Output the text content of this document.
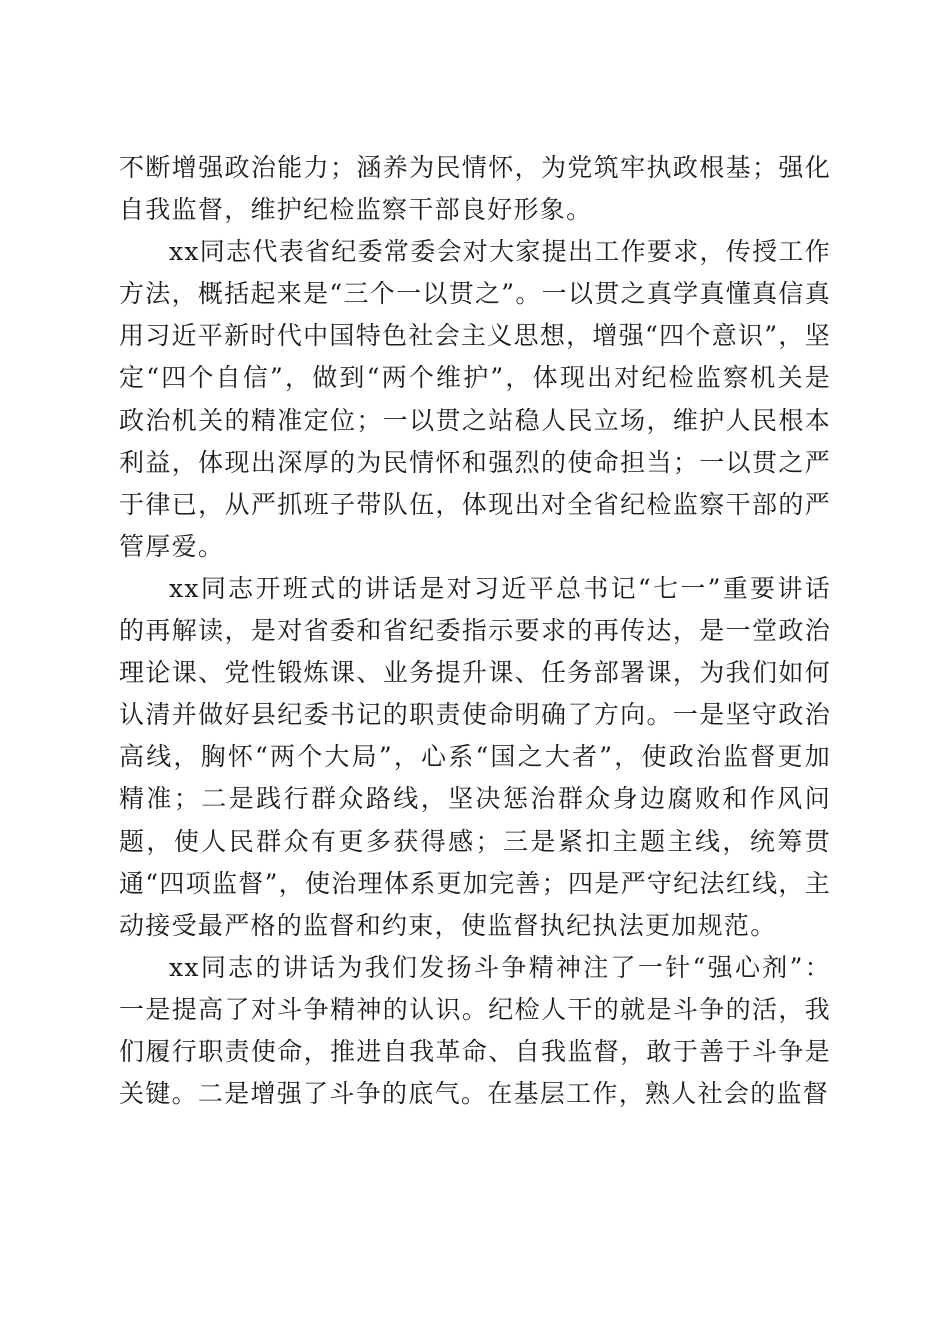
不断增强政治能力；涵养为民情怀，为党筑牢执政根基；强化自我监督，维护纪检监察干部良好形象。

xx同志代表省纪委常委会对大家提出工作要求，传授工作方法，概括起来是“三个一以贯之”。一以贯之真学真懂真信真用习近平新时代中国特色社会主义思想，增强“四个意识”，坚定“四个自信”，做到“两个维护”，体现出对纪检监察机关是政治机关的精准定位；一以贯之站稳人民立场，维护人民根本利益，体现出深厚的为民情怀和强烈的使命担当；一以贯之严于律已，从严抓班子带队伍，体现出对全省纪检监察干部的严管厚爱。

xx同志开班式的讲话是对习近平总书记“七一”重要讲话的再解读，是对省委和省纪委指示要求的再传达，是一堂政治理论课、党性锻炼课、业务提升课、任务部署课，为我们如何认清并做好县纪委书记的职责使命明确了方向。一是坚守政治高线，胸怀“两个大局”，心系“国之大者”，使政治监督更加精准；二是践行群众路线，坚决惩治群众身边腐败和作风问题，使人民群众有更多获得感；三是紧扣主题主线，统筹贯通“四项监督”，使治理体系更加完善；四是严守纪法红线，主动接受最严格的监督和约束，使监督执纪执法更加规范。

xx同志的讲话为我们发扬斗争精神注了一针“强心剂”：一是提高了对斗争精神的认识。纪检人干的就是斗争的活，我们履行职责使命，推进自我革命、自我监督，敢于善于斗争是关键。二是增强了斗争的底气。在基层工作，熟人社会的监督
